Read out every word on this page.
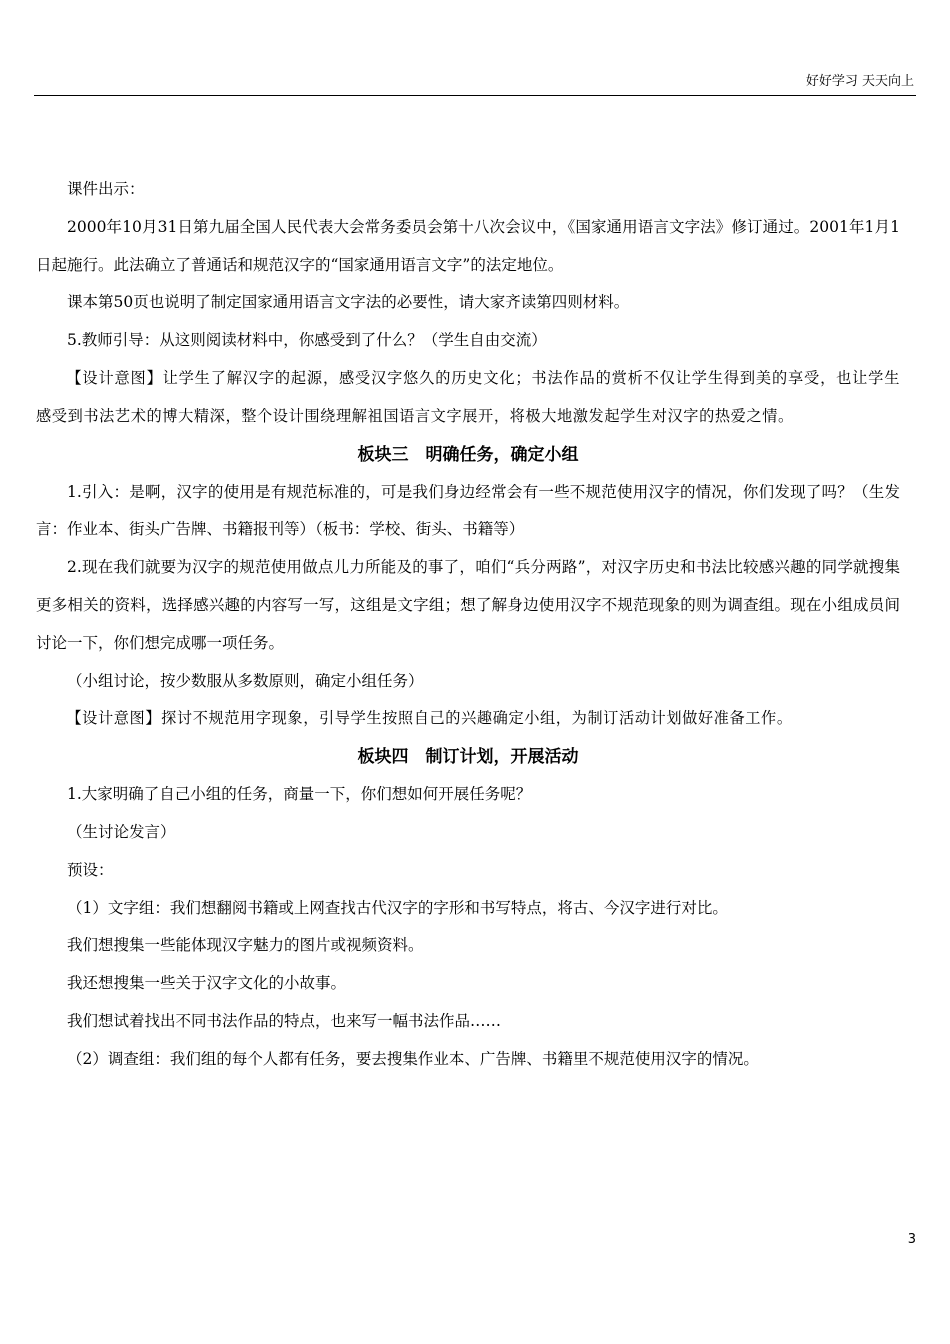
好好学习 天天向上

课件出示：

2000年10月31日第九届全国人民代表大会常务委员会第十八次会议中，《国家通用语言文字法》修订通过。2001年1月1日起施行。此法确立了普通话和规范汉字的“国家通用语言文字”的法定地位。

课本第50页也说明了制定国家通用语言文字法的必要性，请大家齐读第四则材料。

5.教师引导：从这则阅读材料中，你感受到了什么？（学生自由交流）

【设计意图】让学生了解汉字的起源，感受汉字悠久的历史文化；书法作品的赏析不仅让学生得到美的享受，也让学生感受到书法艺术的博大精深，整个设计围绕理解祖国语言文字展开，将极大地激发起学生对汉字的热爱之情。

板块三　明确任务，确定小组

1.引入：是啊，汉字的使用是有规范标准的，可是我们身边经常会有一些不规范使用汉字的情况，你们发现了吗？（生发言：作业本、街头广告牌、书籍报刊等）（板书：学校、街头、书籍等）

2.现在我们就要为汉字的规范使用做点儿力所能及的事了，咱们“兵分两路”，对汉字历史和书法比较感兴趣的同学就搜集更多相关的资料，选择感兴趣的内容写一写，这组是文字组；想了解身边使用汉字不规范现象的则为调查组。现在小组成员间讨论一下，你们想完成哪一项任务。

（小组讨论，按少数服从多数原则，确定小组任务）

【设计意图】探讨不规范用字现象，引导学生按照自己的兴趣确定小组，为制订活动计划做好准备工作。

板块四　制订计划，开展活动

1.大家明确了自己小组的任务，商量一下，你们想如何开展任务呢？

（生讨论发言）

预设：

（1）文字组：我们想翻阅书籍或上网查找古代汉字的字形和书写特点，将古、今汉字进行对比。

我们想搜集一些能体现汉字魅力的图片或视频资料。

我还想搜集一些关于汉字文化的小故事。

我们想试着找出不同书法作品的特点，也来写一幅书法作品……

（2）调查组：我们组的每个人都有任务，要去搜集作业本、广告牌、书籍里不规范使用汉字的情况。

3
